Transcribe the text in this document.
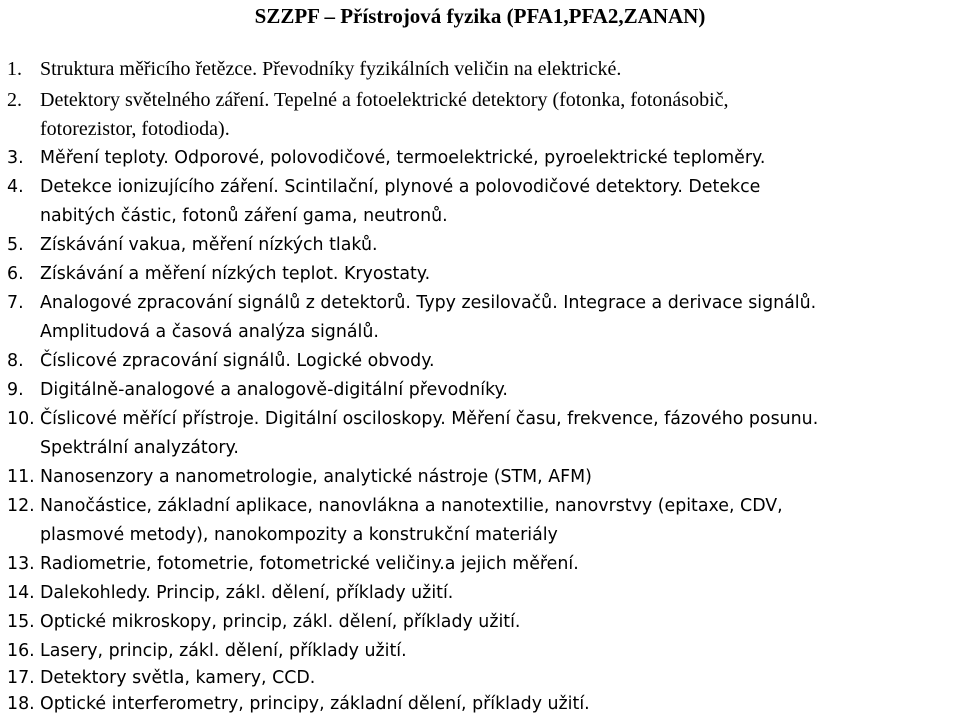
SZZPF – Přístrojová fyzika (PFA1,PFA2,ZANAN)
1. Struktura měřicího řetězce. Převodníky fyzikálních veličin na elektrické.
2. Detektory světelného záření. Tepelné a fotoelektrické detektory (fotonka, fotonásobič,
fotorezistor, fotodioda).
3. Měření teploty. Odporové, polovodičové, termoelektrické, pyroelektrické teploměry.
4. Detekce ionizujícího záření. Scintilační, plynové a polovodičové detektory. Detekce
nabitých částic, fotonů záření gama, neutronů.
5. Získávání vakua, měření nízkých tlaků.
6. Získávání a měření nízkých teplot. Kryostaty.
7. Analogové zpracování signálů z detektorů. Typy zesilovačů. Integrace a derivace signálů.
Amplitudová a časová analýza signálů.
8. Číslicové zpracování signálů. Logické obvody.
9. Digitálně-analogové a analogově-digitální převodníky.
10. Číslicové měřící přístroje. Digitální osciloskopy. Měření času, frekvence, fázového posunu.
Spektrální analyzátory.
11. Nanosenzory a nanometrologie, analytické nástroje (STM, AFM)
12. Nanočástice, základní aplikace, nanovlákna a nanotextilie, nanovrstvy (epitaxe, CDV,
plasmové metody), nanokompozity a konstrukční materiály
13. Radiometrie, fotometrie, fotometrické veličiny.a jejich měření.
14. Dalekohledy. Princip, zákl. dělení, příklady užití.
15. Optické mikroskopy, princip, zákl. dělení, příklady užití.
16. Lasery, princip, zákl. dělení, příklady užití.
17. Detektory světla, kamery, CCD.
18. Optické interferometry, principy, základní dělení, příklady užití.
